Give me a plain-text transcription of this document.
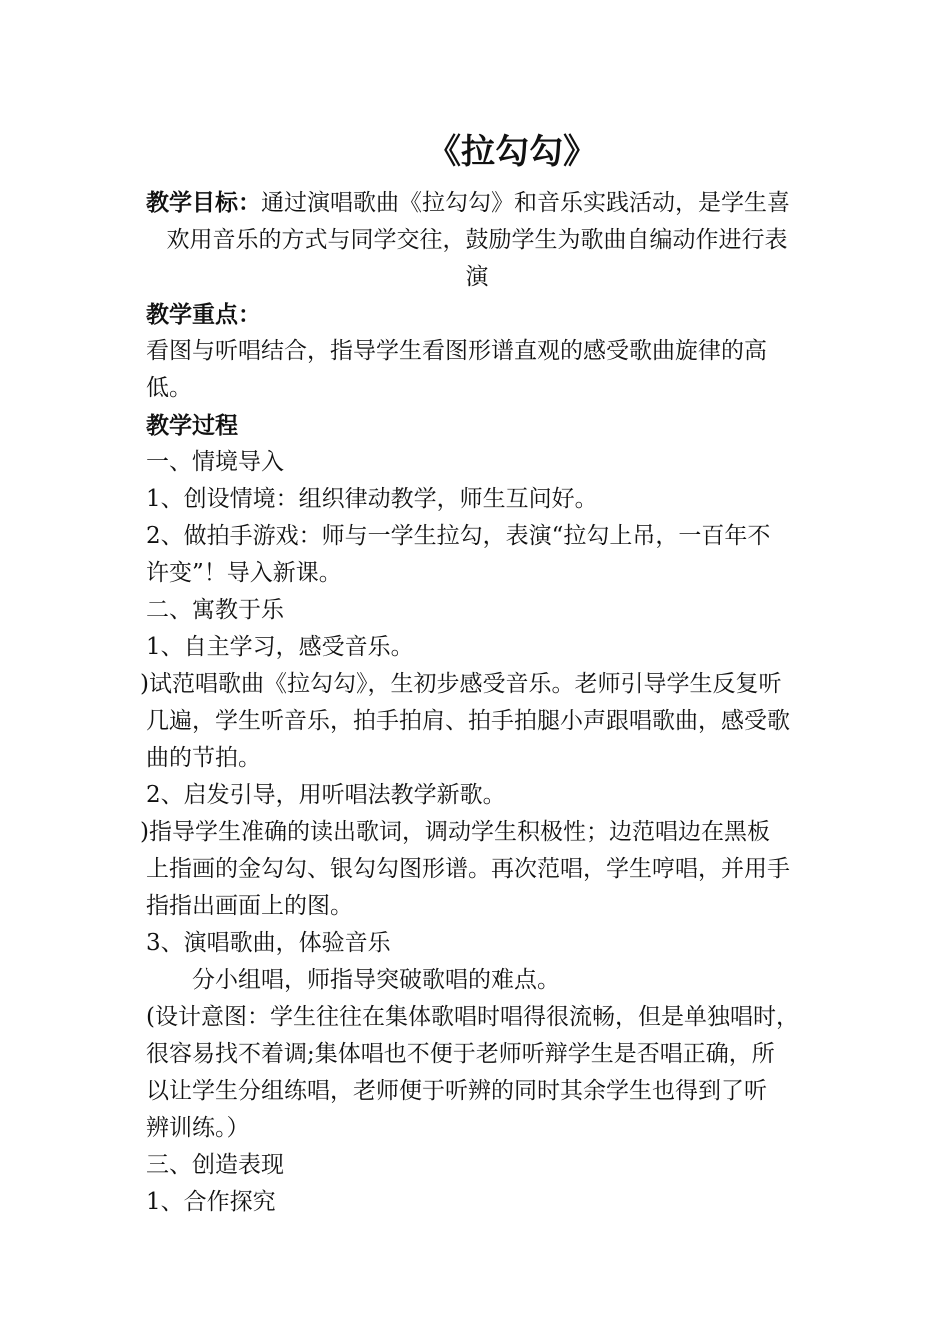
《拉勾勾》
教学目标：通过演唱歌曲《拉勾勾》和音乐实践活动，是学生喜
欢用音乐的方式与同学交往，鼓励学生为歌曲自编动作进行表
演
教学重点：
看图与听唱结合，指导学生看图形谱直观的感受歌曲旋律的高
低。
教学过程
一、情境导入
1、创设情境：组织律动教学，师生互问好。
2、做拍手游戏：师与一学生拉勾，表演“拉勾上吊，一百年不
许变”！导入新课。
二、寓教于乐
1、自主学习，感受音乐。
)试范唱歌曲《拉勾勾》，生初步感受音乐。老师引导学生反复听
几遍，学生听音乐，拍手拍肩、拍手拍腿小声跟唱歌曲，感受歌
曲的节拍。
2、启发引导，用听唱法教学新歌。
)指导学生准确的读出歌词，调动学生积极性；边范唱边在黑板
上指画的金勾勾、银勾勾图形谱。再次范唱，学生哼唱，并用手
指指出画面上的图。
3、演唱歌曲，体验音乐
分小组唱，师指导突破歌唱的难点。
(设计意图：学生往往在集体歌唱时唱得很流畅，但是单独唱时，
很容易找不着调;集体唱也不便于老师听辩学生是否唱正确，所
以让学生分组练唱，老师便于听辨的同时其余学生也得到了听
辨训练。）
三、创造表现
1、合作探究
